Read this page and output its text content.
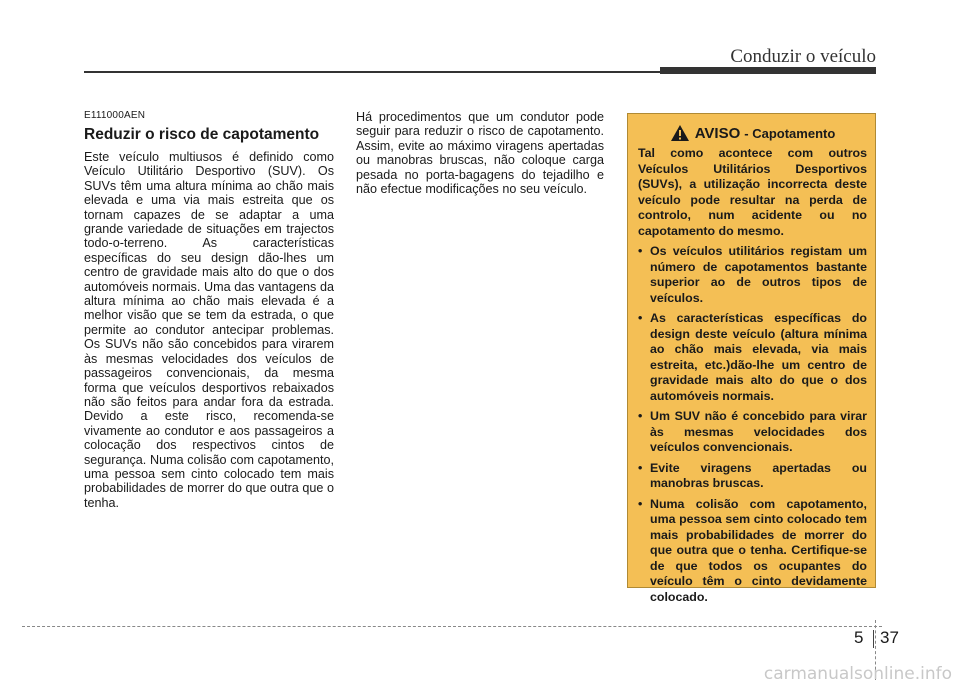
Conduzir o veículo
E111000AEN
Reduzir o risco de capotamento

Este veículo multiusos é definido como Veículo Utilitário Desportivo (SUV). Os SUVs têm uma altura mínima ao chão mais elevada e uma via mais estreita que os tornam capazes de se adaptar a uma grande variedade de situações em trajectos todo-o-terreno. As características específicas do seu design dão-lhes um centro de gravidade mais alto do que o dos automóveis normais. Uma das vantagens da altura mínima ao chão mais elevada é a melhor visão que se tem da estrada, o que permite ao condutor antecipar problemas. Os SUVs não são concebidos para virarem às mesmas velocidades dos veículos de passageiros convencionais, da mesma forma que veículos desportivos rebaixados não são feitos para andar fora da estrada. Devido a este risco, recomenda-se vivamente ao condutor e aos passageiros a colocação dos respectivos cintos de segurança. Numa colisão com capotamento, uma pessoa sem cinto colocado tem mais probabilidades de morrer do que outra que o tenha.

Há procedimentos que um condutor pode seguir para reduzir o risco de capotamento. Assim, evite ao máximo viragens apertadas ou manobras bruscas, não coloque carga pesada no porta-bagagens do tejadilho e não efectue modificações no seu veículo.

AVISO - Capotamento

Tal como acontece com outros Veículos Utilitários Desportivos (SUVs), a utilização incorrecta deste veículo pode resultar na perda de controlo, num acidente ou no capotamento do mesmo.

• Os veículos utilitários registam um número de capotamentos bastante superior ao de outros tipos de veículos.
• As características específicas do design deste veículo (altura mínima ao chão mais elevada, via mais estreita, etc.)dão-lhe um centro de gravidade mais alto do que o dos automóveis normais.
• Um SUV não é concebido para virar às mesmas velocidades dos veículos convencionais.
• Evite viragens apertadas ou manobras bruscas.
• Numa colisão com capotamento, uma pessoa sem cinto colocado tem mais probabilidades de morrer do que outra que o tenha. Certifique-se de que todos os ocupantes do veículo têm o cinto devidamente colocado.
5 37
carmanualsonline.info
